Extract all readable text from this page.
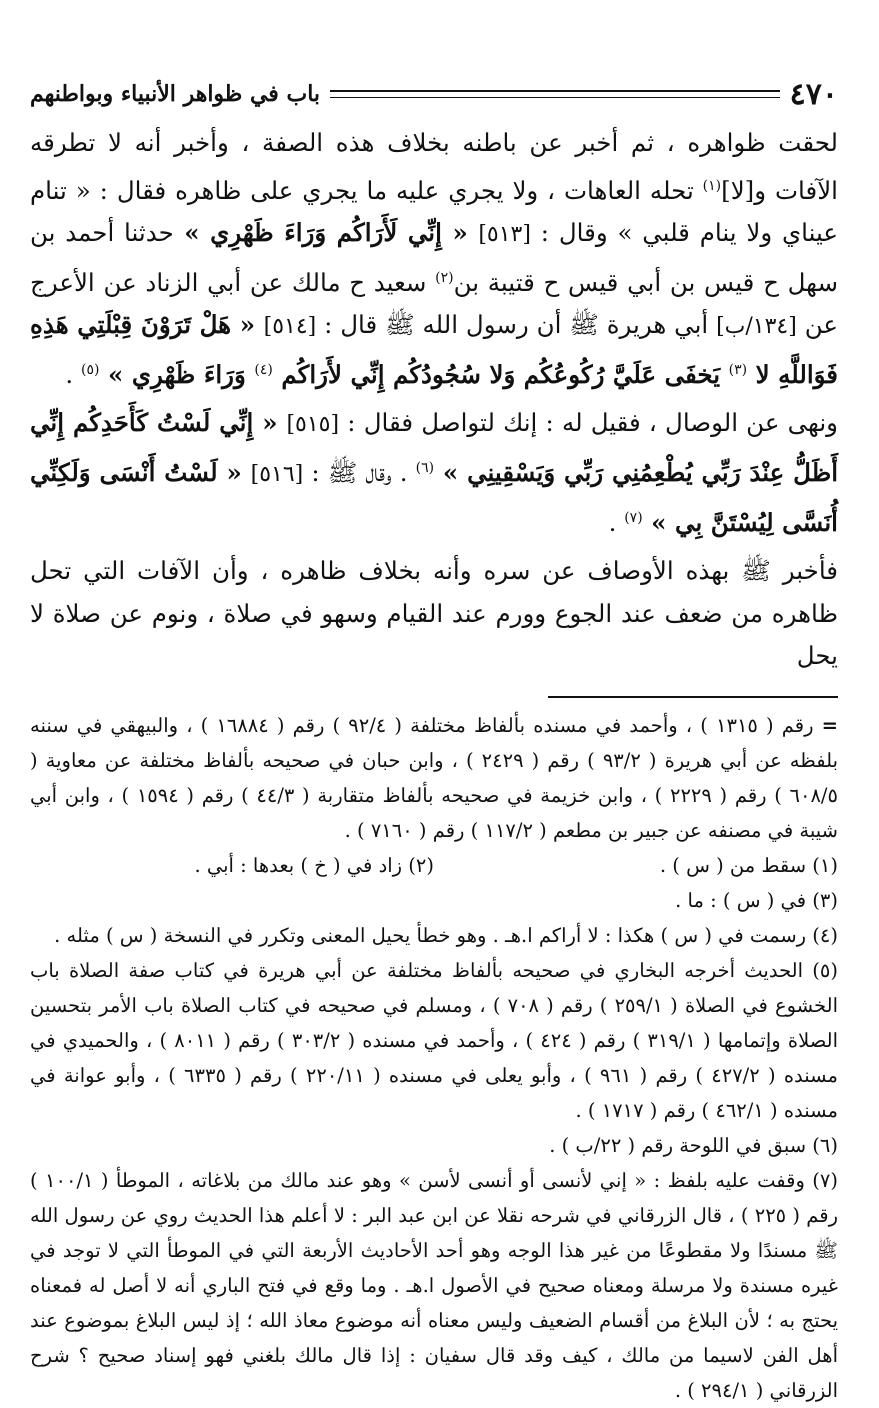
٤٧٠
باب في ظواهر الأنبياء وبواطنهم

لحقت ظواهره ، ثم أخبر عن باطنه بخلاف هذه الصفة ، وأخبر أنه لا تطرقه الآفات و[لا]$^{(١)}$ تحله العاهات ، ولا يجري عليه ما يجري على ظاهره فقال : « تنام عيناي ولا ينام قلبي » وقال : [٥١٣] « إِنِّي لَأَرَاكُم وَرَاءَ ظَهْرِي » حدثنا أحمد بن سهل ح قيس بن أبي قيس ح قتيبة بن$^{(٢)}$ سعيد ح مالك عن أبي الزناد عن الأعرج عن [١٣٤/ب] أبي هريرة ﷺ أن رسول الله ﷺ قال : [٥١٤] « هَلْ تَرَوْنَ قِبْلَتِي هَذِهِ فَوَاللَّهِ لا $^{(٣)}$ يَخفَى عَلَيَّ رُكُوعُكُم وَلا سُجُودُكُم إِنِّي لأَرَاكُم $^{(٤)}$ وَرَاءَ ظَهْرِي » $^{(٥)}$ .

ونهى عن الوصال ، فقيل له : إنك لتواصل فقال : [٥١٥] « إِنِّي لَسْتُ كَأَحَدِكُم إِنِّي أَظَلُّ عِنْدَ رَبِّي يُطْعِمُنِي رَبِّي وَيَسْقِينِي » $^{(٦)}$ . وقال ﷺ : [٥١٦] « لَسْتُ أَنْسَى وَلَكِنِّي أُنَسَّى لِيُسْتَنَّ بِي » $^{(٧)}$ .

فأخبر ﷺ بهذه الأوصاف عن سره وأنه بخلاف ظاهره ، وأن الآفات التي تحل ظاهره من ضعف عند الجوع وورم عند القيام وسهو في صلاة ، ونوم عن صلاة لا يحل

= رقم ( ١٣١٥ ) ، وأحمد في مسنده بألفاظ مختلفة ( ٩٢/٤ ) رقم ( ١٦٨٨٤ ) ، والبيهقي في سننه بلفظه عن أبي هريرة ( ٩٣/٢ ) رقم ( ٢٤٢٩ ) ، وابن حبان في صحيحه بألفاظ مختلفة عن معاوية ( ٦٠٨/٥ ) رقم ( ٢٢٢٩ ) ، وابن خزيمة في صحيحه بألفاظ متقاربة ( ٤٤/٣ ) رقم ( ١٥٩٤ ) ، وابن أبي شيبة في مصنفه عن جبير بن مطعم ( ١١٧/٢ ) رقم ( ٧١٦٠ ) .

(١) سقط من ( س ) .
(٢) زاد في ( خ ) بعدها : أبي .

(٣) في ( س ) : ما .

(٤) رسمت في ( س ) هكذا : لا أراكم ا.هـ . وهو خطأ يحيل المعنى وتكرر في النسخة ( س ) مثله .

(٥) الحديث أخرجه البخاري في صحيحه بألفاظ مختلفة عن أبي هريرة في كتاب صفة الصلاة باب الخشوع في الصلاة ( ٢٥٩/١ ) رقم ( ٧٠٨ ) ، ومسلم في صحيحه في كتاب الصلاة باب الأمر بتحسين الصلاة وإتمامها ( ٣١٩/١ ) رقم ( ٤٢٤ ) ، وأحمد في مسنده ( ٣٠٣/٢ ) رقم ( ٨٠١١ ) ، والحميدي في مسنده ( ٤٢٧/٢ ) رقم ( ٩٦١ ) ، وأبو يعلى في مسنده ( ٢٢٠/١١ ) رقم ( ٦٣٣٥ ) ، وأبو عوانة في مسنده ( ٤٦٢/١ ) رقم ( ١٧١٧ ) .

(٦) سبق في اللوحة رقم ( ٢٢/ب ) .

(٧) وقفت عليه بلفظ : « إني لأنسى أو أنسى لأسن » وهو عند مالك من بلاغاته ، الموطأ ( ١٠٠/١ ) رقم ( ٢٢٥ ) ، قال الزرقاني في شرحه نقلا عن ابن عبد البر : لا أعلم هذا الحديث روي عن رسول الله ﷺ مسندًا ولا مقطوعًا من غير هذا الوجه وهو أحد الأحاديث الأربعة التي في الموطأ التي لا توجد في غيره مسندة ولا مرسلة ومعناه صحيح في الأصول ا.هـ . وما وقع في فتح الباري أنه لا أصل له فمعناه يحتج به ؛ لأن البلاغ من أقسام الضعيف وليس معناه أنه موضوع معاذ الله ؛ إذ ليس البلاغ بموضوع عند أهل الفن لاسيما من مالك ، كيف وقد قال سفيان : إذا قال مالك بلغني فهو إسناد صحيح ؟ شرح الزرقاني ( ٢٩٤/١ ) .
